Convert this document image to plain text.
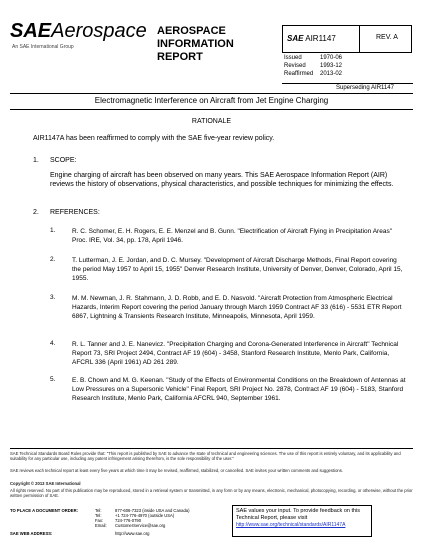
SAEAerospace
An SAE International Group
AEROSPACE
INFORMATION
REPORT
SAE AIR1147	REV. A
Issued	1970-06
Revised	1993-12
Reaffirmed	2013-02
Superseding AIR1147
Electromagnetic Interference on Aircraft from Jet Engine Charging
RATIONALE
AIR1147A has been reaffirmed to comply with the SAE five-year review policy.
1. SCOPE:
Engine charging of aircraft has been observed on many years. This SAE Aerospace Information Report (AIR) reviews the history of observations, physical characteristics, and possible techniques for minimizing the effects.
2. REFERENCES:
1.	R. C. Schomer, E. H. Rogers, E. E. Menzel and B. Gunn. "Electrification of Aircraft Flying in Precipitation Areas" Proc. IRE, Vol. 34, pp. 178, April 1946.
2.	T. Lutterman, J. E. Jordan, and D. C. Mursey. "Development of Aircraft Discharge Methods, Final Report covering the period May 1957 to April 15, 1955" Denver Research Institute, University of Denver, Denver, Colorado, April 15, 1955.
3.	M. M. Newman, J. R. Stahmann, J. D. Robb, and E. D. Nasvold. "Aircraft Protection from Atmospheric Electrical Hazards, Interim Report covering the period January through March 1959 Contract AF 33 (616) - 5531 ETR Report 6867, Lightning & Transients Research Institute, Minneapolis, Minnesota, April 1959.
4.	R. L. Tanner and J. E. Nanevicz. "Precipitation Charging and Corona-Generated Interference in Aircraft" Technical Report 73, SRI Project 2494, Contract AF 19 (604) - 3458, Stanford Research Institute, Menlo Park, California, AFCRL 336 (April 1961) AD 261 289.
5.	E. B. Chown and M. G. Keenan. "Study of the Effects of Environmental Conditions on the Breakdown of Antennas at Low Pressures on a Supersonic Vehicle" Final Report, SRI Project No. 2878, Contract AF 19 (604) - 5183, Stanford Research Institute, Menlo Park, California AFCRL 940, September 1961.
SAE Technical Standards Board Rules provide that: "This report is published by SAE to advance the state of technical and engineering sciences. The use of this report is entirely voluntary, and its applicability and suitability for any particular use, including any patent infringement arising therefrom, is the sole responsibility of the user."
SAE reviews each technical report at least every five years at which time it may be revised, reaffirmed, stabilized, or cancelled. SAE invites your written comments and suggestions.
Copyright © 2013 SAE International
All rights reserved. No part of this publication may be reproduced, stored in a retrieval system or transmitted, in any form or by any means, electronic, mechanical, photocopying, recording, or otherwise, without the prior written permission of SAE.
TO PLACE A DOCUMENT ORDER:	Tel:	877-606-7323 (inside USA and Canada)
Tel:	+1 724-776-4970 (outside USA)
Fax:	724-776-0790
Email: CustomerService@sae.org
SAE WEB ADDRESS:	http://www.sae.org
SAE values your input. To provide feedback on this Technical Report, please visit
http://www.sae.org/technical/standards/AIR1147A
